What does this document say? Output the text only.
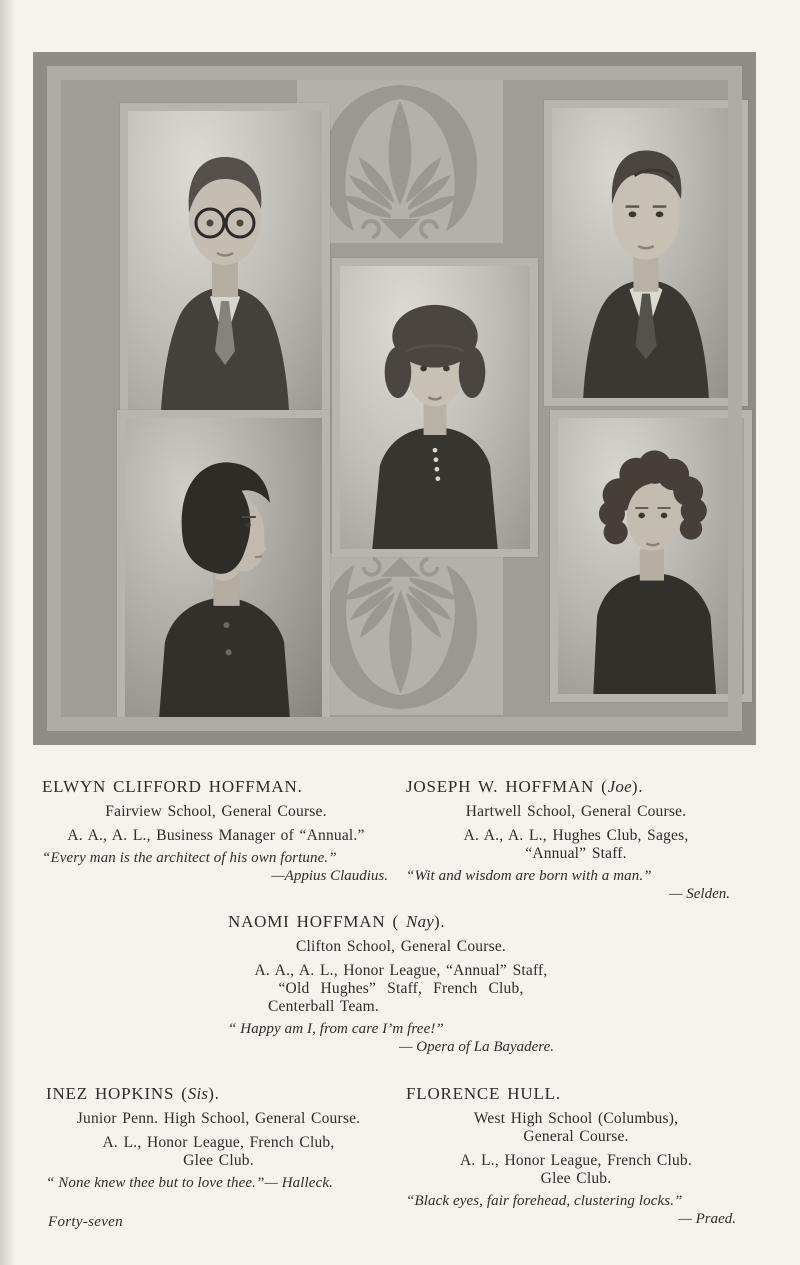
ELWYN CLIFFORD HOFFMAN.

Fairview School, General Course.

A. A., A. L., Business Manager of “Annual.”

“Every man is the architect of his own fortune.”

—Appius Claudius.

JOSEPH W. HOFFMAN (Joe).

Hartwell School, General Course.

A. A., A. L., Hughes Club, Sages,

“Annual” Staff.

“Wit and wisdom are born with a man.”

— Selden.

NAOMI HOFFMAN ( Nay).

Clifton School, General Course.

A. A., A. L., Honor League, “Annual” Staff,

“Old Hughes” Staff, French Club,

Centerball Team.

“ Happy am I, from care I’m free!”

— Opera of La Bayadere.

INEZ HOPKINS (Sis).

Junior Penn. High School, General Course.

A. L., Honor League, French Club,

Glee Club.

“ None knew thee but to love thee.”— Halleck.

FLORENCE HULL.

West High School (Columbus),

General Course.

A. L., Honor League, French Club.

Glee Club.

“Black eyes, fair forehead, clustering locks.”

— Praed.

Forty-seven
